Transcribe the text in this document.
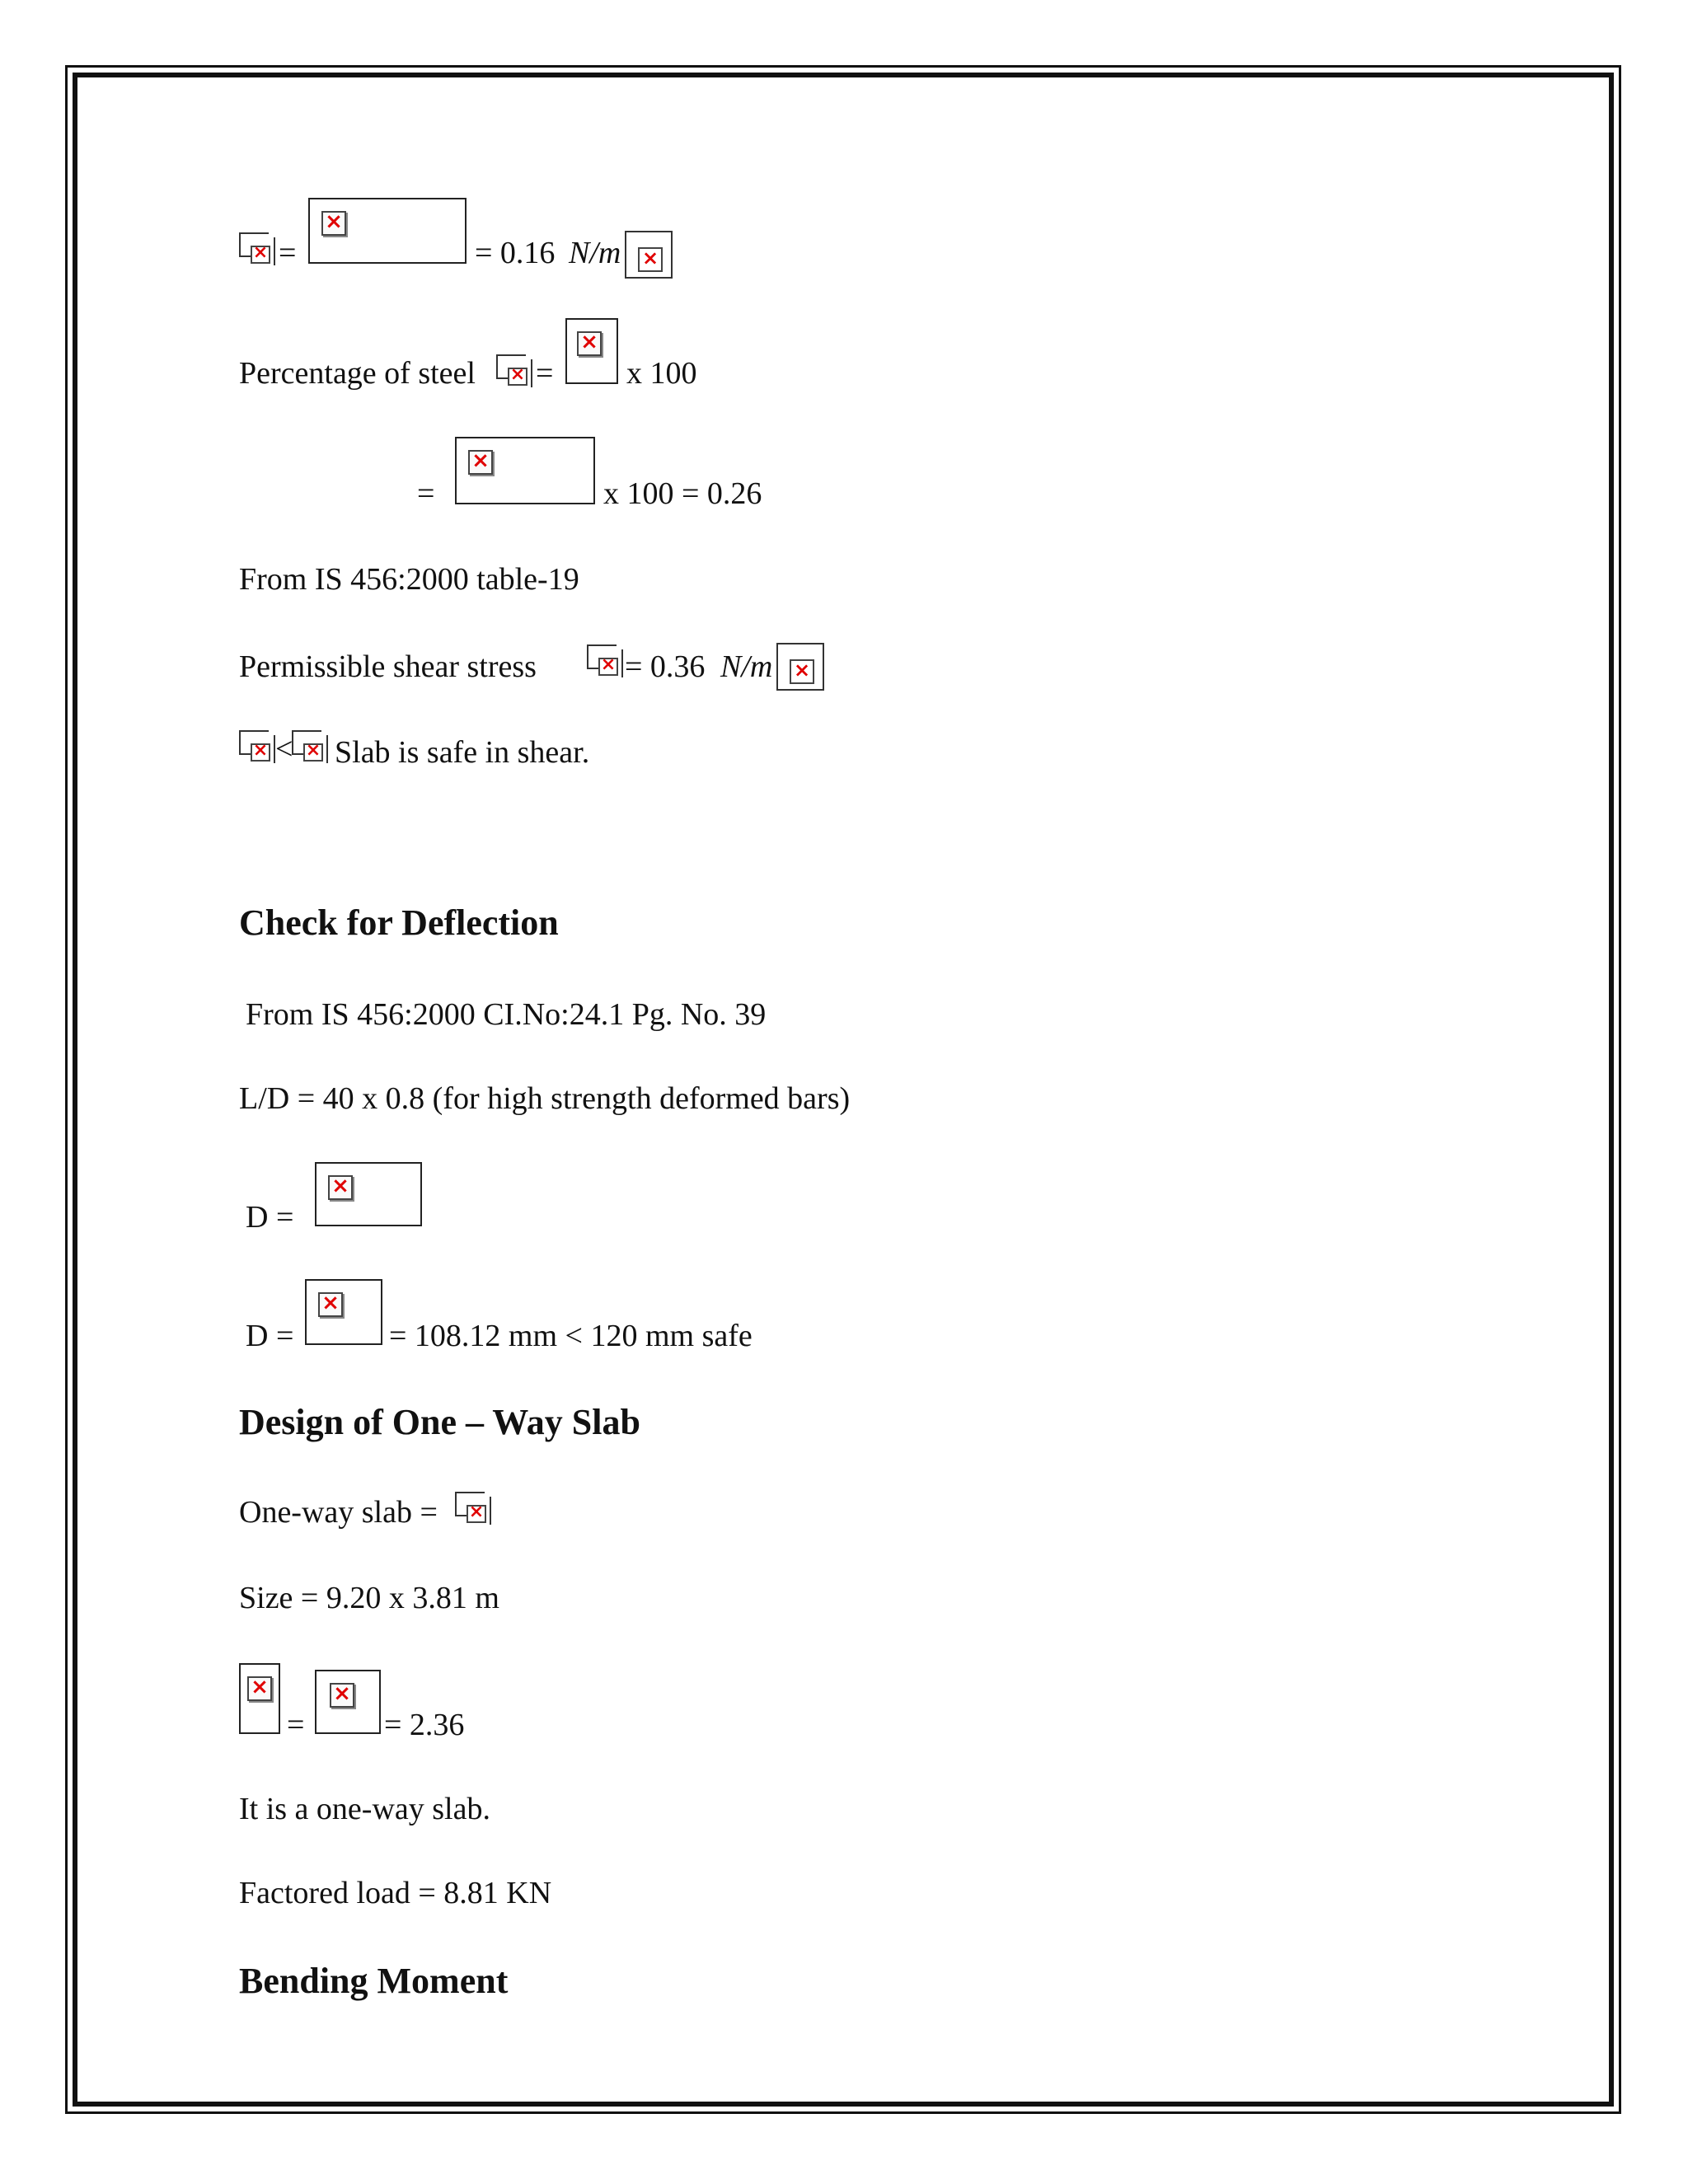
×
=
×	= 0.16 N/m
×
Percentage of steel × =
× x 100
=
×	x 100 = 0.26
From IS 456:2000 table-19
Permissible shear stress ×	= 0.36 N/m
×
×
< × Slab is safe in shear.
Check for Deflection
From IS 456:2000 CI.No:24.1 Pg. No. 39
L/D = 40 x 0.8 (for high strength deformed bars)
D =
×
D =
×	= 108.12 mm < 120 mm safe
Design of One – Way Slab
One-way slab =
×
Size = 9.20 x 3.81 m
×
=
×	= 2.36
It is a one-way slab.
Factored load = 8.81 KN
Bending Moment
